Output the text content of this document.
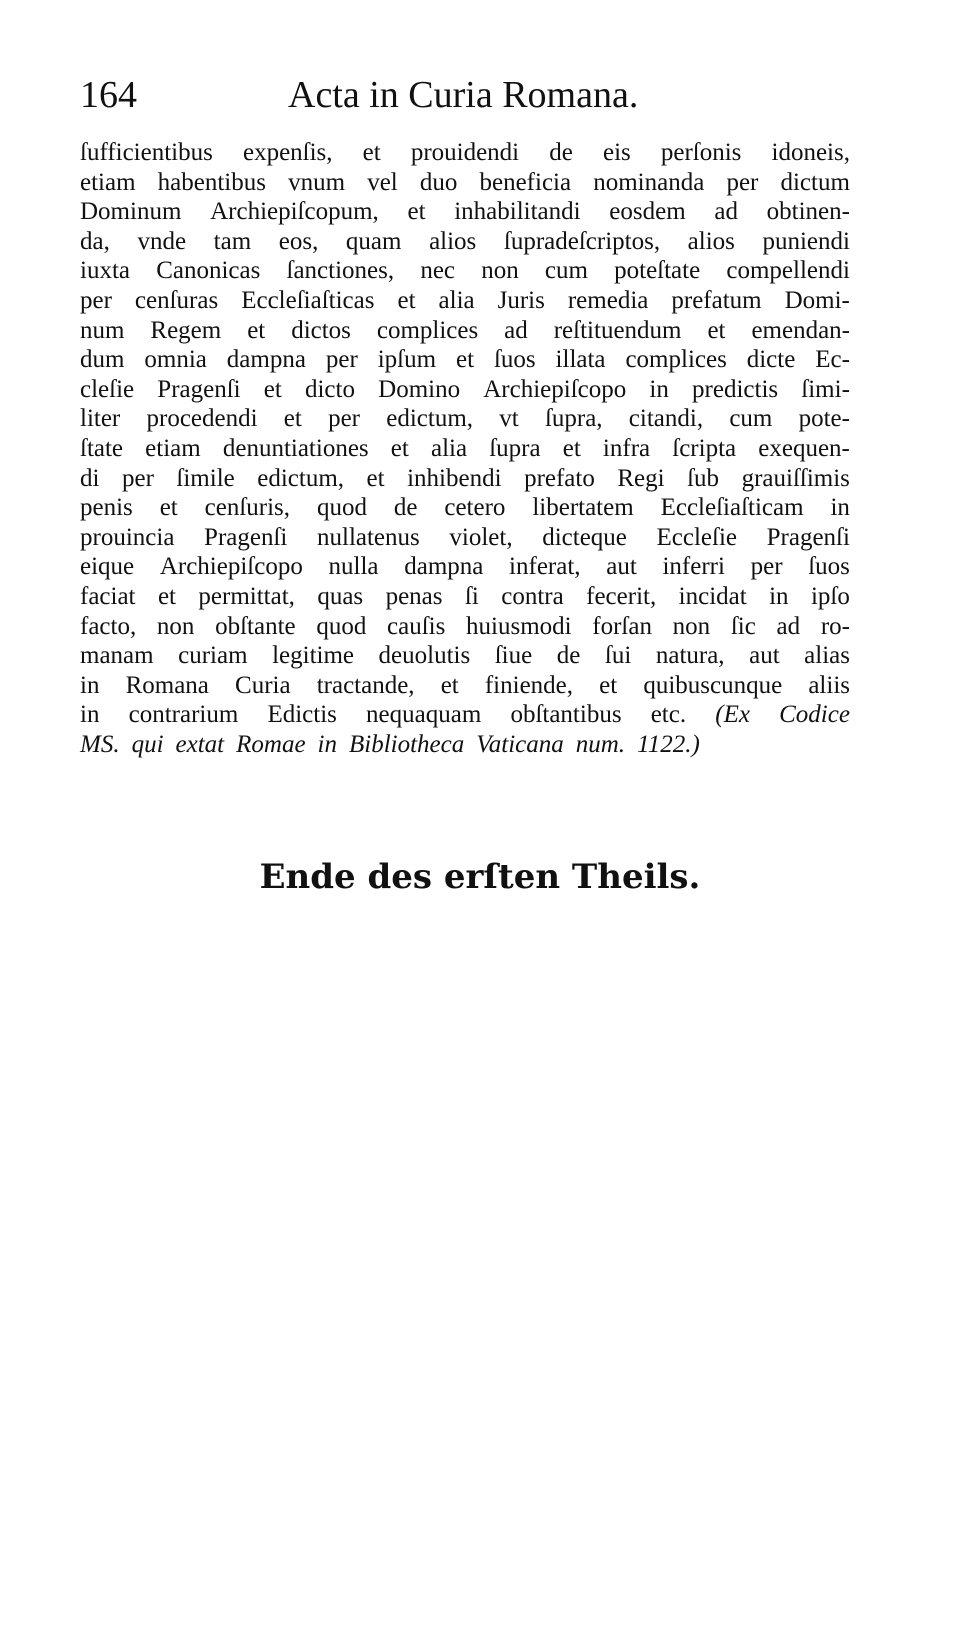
164	Acta in Curia Romana.
ſufficientibus expenſis, et prouidendi de eis perſonis idoneis,
etiam habentibus vnum vel duo beneficia nominanda per dictum
Dominum Archiepiſcopum, et inhabilitandi eosdem ad obtinen-
da, vnde tam eos, quam alios ſupradeſcriptos, alios puniendi
iuxta Canonicas ſanctiones, nec non cum poteſtate compellendi
per cenſuras Eccleſiaſticas et alia Juris remedia prefatum Domi-
num Regem et dictos complices ad reſtituendum et emendan-
dum omnia dampna per ipſum et ſuos illata complices dicte Ec-
cleſie Pragenſi et dicto Domino Archiepiſcopo in predictis ſimi-
liter procedendi et per edictum, vt ſupra, citandi, cum pote-
ſtate etiam denuntiationes et alia ſupra et infra ſcripta exequen-
di per ſimile edictum, et inhibendi prefato Regi ſub grauiſſimis
penis et cenſuris, quod de cetero libertatem Eccleſiaſticam in
prouincia Pragenſi nullatenus violet, dicteque Eccleſie Pragenſi
eique Archiepiſcopo nulla dampna inferat, aut inferri per ſuos
faciat et permittat, quas penas ſi contra fecerit, incidat in ipſo
facto, non obſtante quod cauſis huiusmodi forſan non ſic ad ro-
manam curiam legitime deuolutis ſiue de ſui natura, aut alias
in Romana Curia tractande, et finiende, et quibuscunque aliis
in contrarium Edictis nequaquam obſtantibus etc. (Ex Codice
MS. qui extat Romae in Bibliotheca Vaticana num. 1122.)
Ende des erſten Theils.
